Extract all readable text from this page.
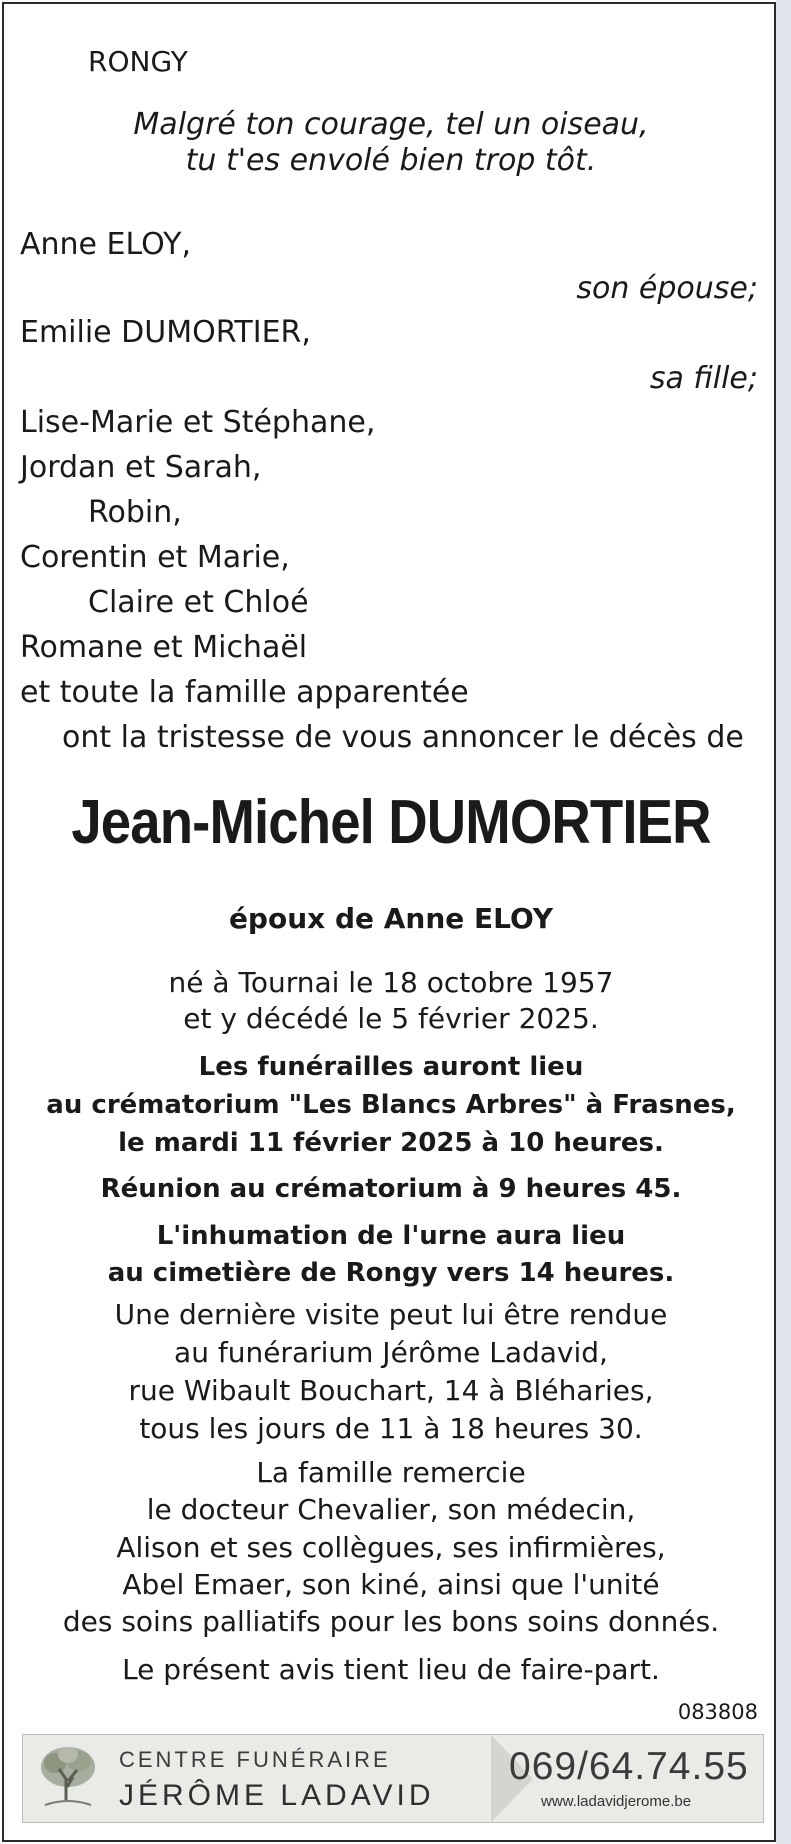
RONGY
Malgré ton courage, tel un oiseau,
tu t'es envolé bien trop tôt.
Anne ELOY,
son épouse;
Emilie DUMORTIER,
sa fille;
Lise-Marie et Stéphane,
Jordan et Sarah,
Robin,
Corentin et Marie,
Claire et Chloé
Romane et Michaël
et toute la famille apparentée
ont la tristesse de vous annoncer le décès de
Jean-Michel DUMORTIER
époux de Anne ELOY
né à Tournai le 18 octobre 1957
et y décédé le 5 février 2025.
Les funérailles auront lieu
au crématorium "Les Blancs Arbres" à Frasnes,
le mardi 11 février 2025 à 10 heures.
Réunion au crématorium à 9 heures 45.
L'inhumation de l'urne aura lieu
au cimetière de Rongy vers 14 heures.
Une dernière visite peut lui être rendue
au funérarium Jérôme Ladavid,
rue Wibault Bouchart, 14 à Bléharies,
tous les jours de 11 à 18 heures 30.
La famille remercie
le docteur Chevalier, son médecin,
Alison et ses collègues, ses infirmières,
Abel Emaer, son kiné, ainsi que l'unité
des soins palliatifs pour les bons soins donnés.
Le présent avis tient lieu de faire-part.
083808
CENTRE FUNÉRAIRE
JÉRÔME LADAVID
069/64.74.55
www.ladavidjerome.be
